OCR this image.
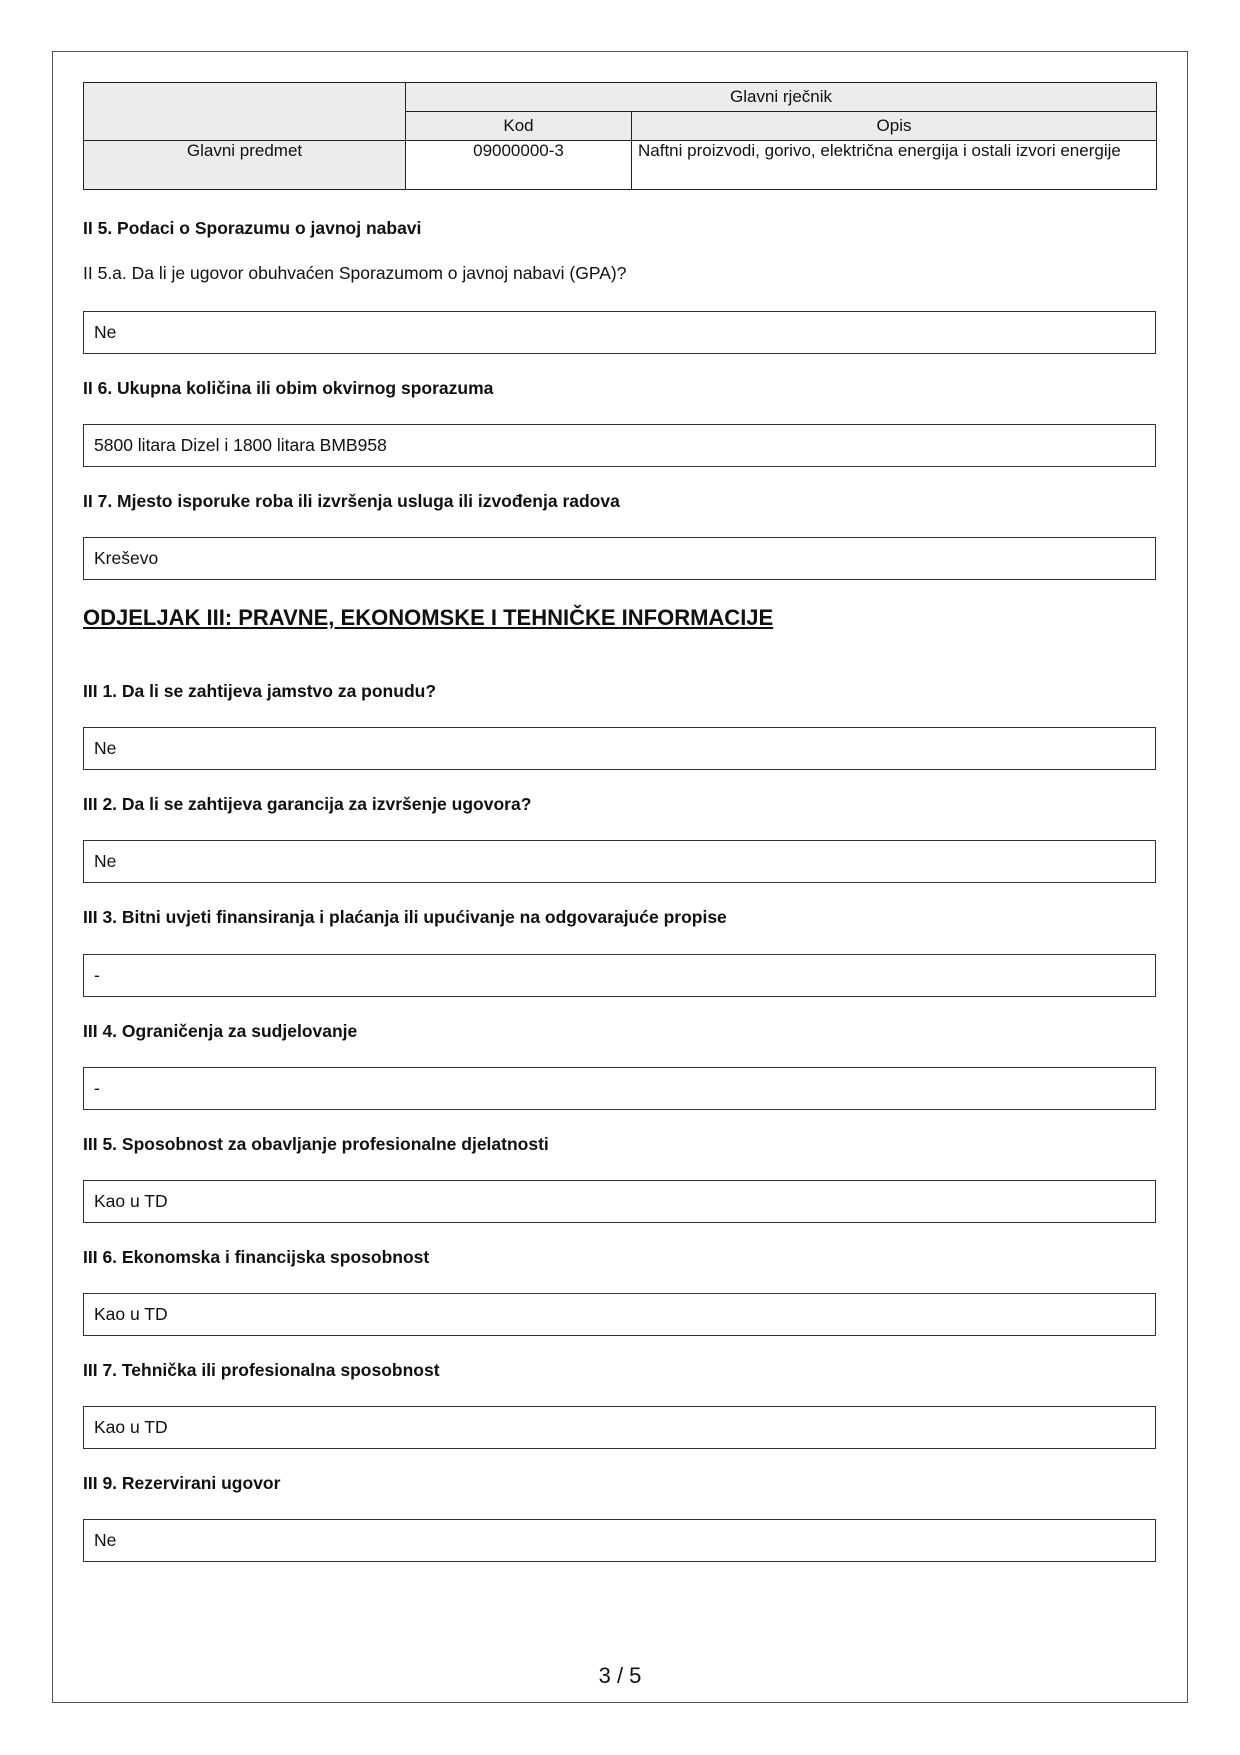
	Glavni rječnik	
	Kod	Opis
Glavni predmet	09000000-3	Naftni proizvodi, gorivo, električna energija i ostali izvori energije

II 5. Podaci o Sporazumu o javnoj nabavi

II 5.a. Da li je ugovor obuhvaćen Sporazumom o javnoj nabavi (GPA)?

Ne

II 6. Ukupna količina ili obim okvirnog sporazuma

5800 litara Dizel i 1800 litara BMB958

II 7. Mjesto isporuke roba ili izvršenja usluga ili izvođenja radova

Kreševo

ODJELJAK III: PRAVNE, EKONOMSKE I TEHNIČKE INFORMACIJE

III 1. Da li se zahtijeva jamstvo za ponudu?

Ne

III 2. Da li se zahtijeva garancija za izvršenje ugovora?

Ne

III 3. Bitni uvjeti finansiranja i plaćanja ili upućivanje na odgovarajuće propise

-

III 4. Ograničenja za sudjelovanje

-

III 5. Sposobnost za obavljanje profesionalne djelatnosti

Kao u TD

III 6. Ekonomska i financijska sposobnost

Kao u TD

III 7. Tehnička ili profesionalna sposobnost

Kao u TD

III 9. Rezervirani ugovor

Ne
3 / 5
